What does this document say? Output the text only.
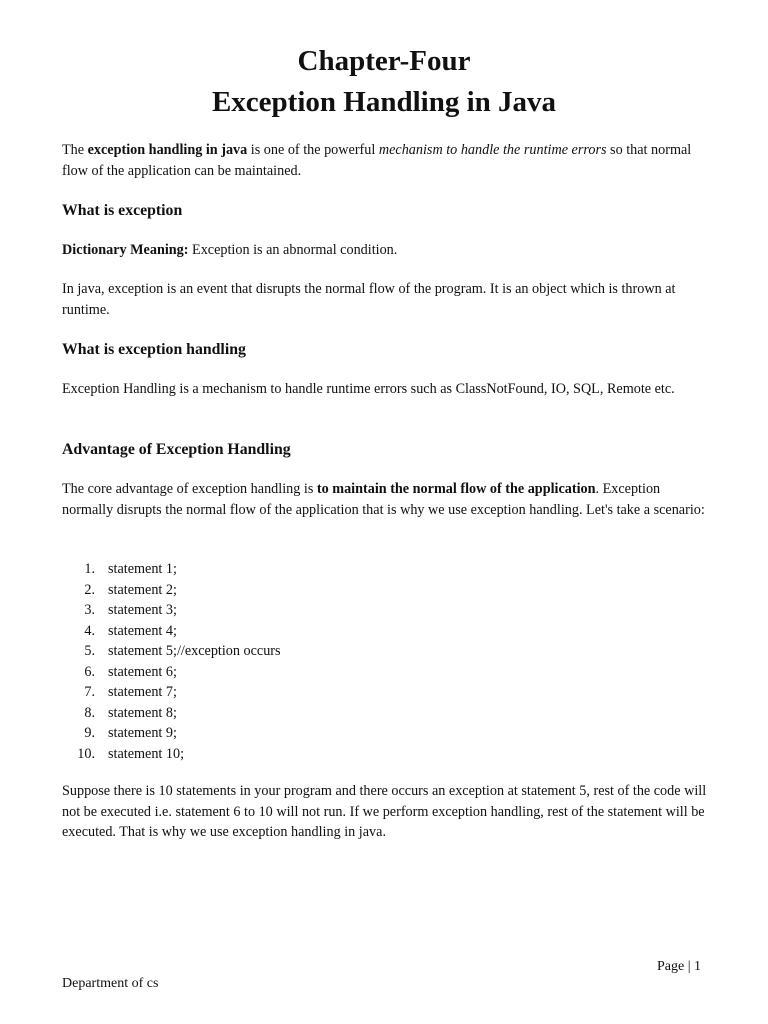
Chapter-Four
Exception Handling in Java

The exception handling in java is one of the powerful mechanism to handle the runtime errors so that normal flow of the application can be maintained.

What is exception

Dictionary Meaning: Exception is an abnormal condition.

In java, exception is an event that disrupts the normal flow of the program. It is an object which is thrown at runtime.

What is exception handling

Exception Handling is a mechanism to handle runtime errors such as ClassNotFound, IO, SQL, Remote etc.

Advantage of Exception Handling

The core advantage of exception handling is to maintain the normal flow of the application. Exception normally disrupts the normal flow of the application that is why we use exception handling. Let's take a scenario:

1. statement 1;
2. statement 2;
3. statement 3;
4. statement 4;
5. statement 5;//exception occurs
6. statement 6;
7. statement 7;
8. statement 8;
9. statement 9;
10. statement 10;

Suppose there is 10 statements in your program and there occurs an exception at statement 5, rest of the code will not be executed i.e. statement 6 to 10 will not run. If we perform exception handling, rest of the statement will be executed. That is why we use exception handling in java.

Page | 1

Department of cs
